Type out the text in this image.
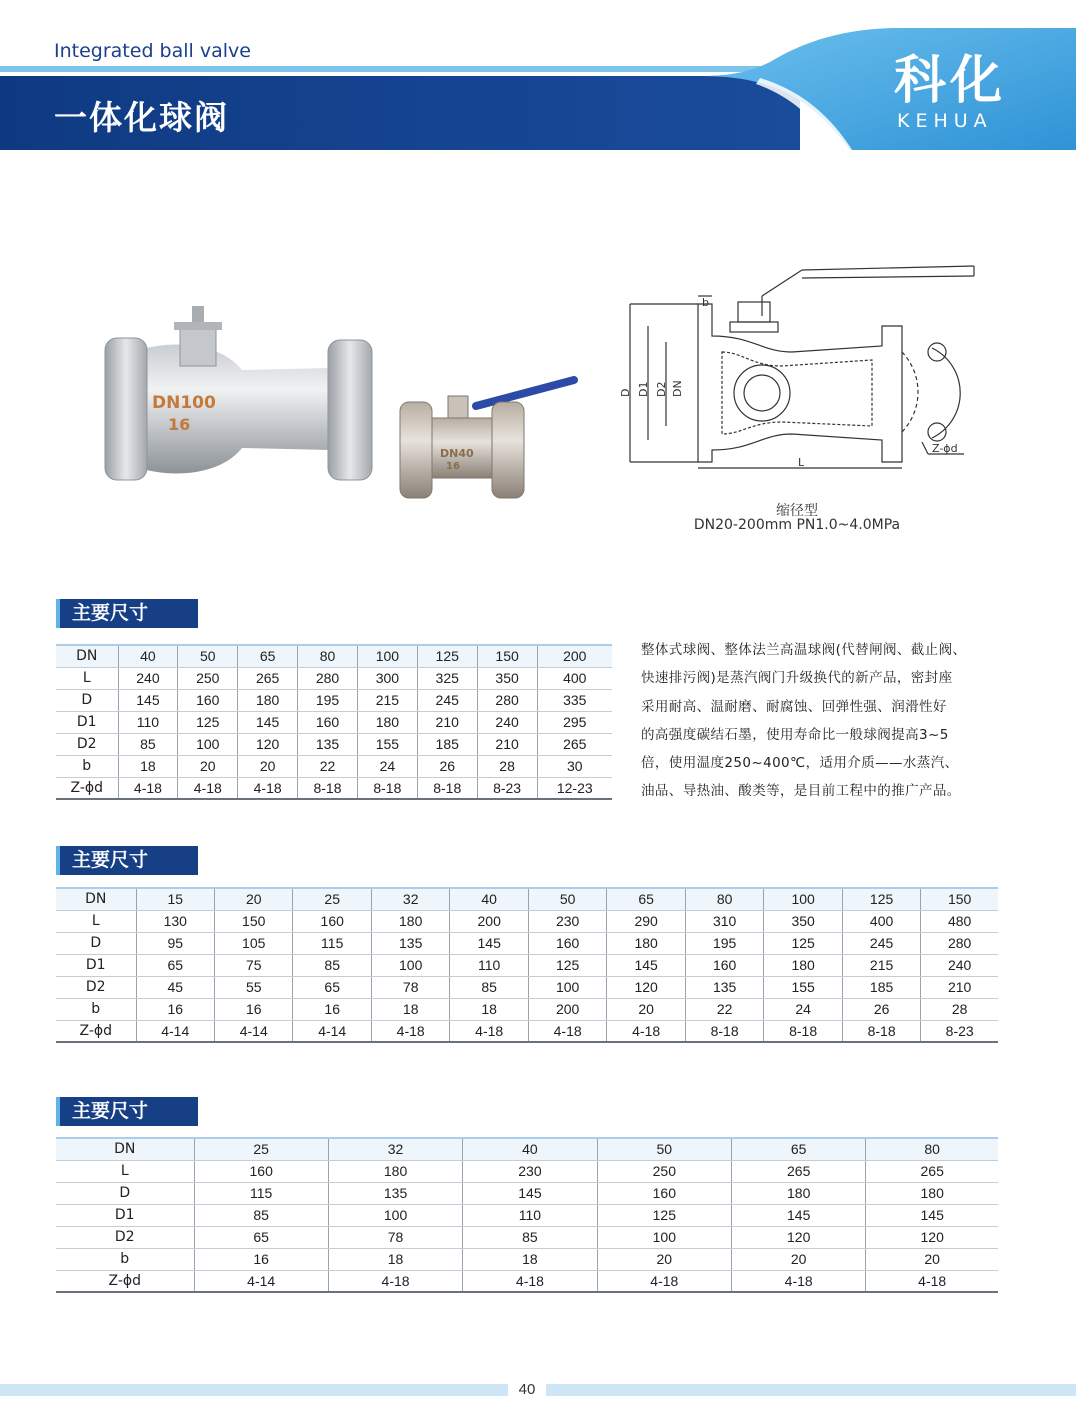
Integrated ball valve
一体化球阀
科化
KEHUA
DN100
16
DN40
16
D D1 D2 DN
b
L
Z-ϕd
缩径型
DN20-200mm PN1.0~4.0MPa
主要尺寸
DN	40	50	65	80	100	125	150	200
L	240	250	265	280	300	325	350	400
D	145	160	180	195	215	245	280	335
D1	110	125	145	160	180	210	240	295
D2	85	100	120	135	155	185	210	265
b	18	20	20	22	24	26	28	30
Z-ϕd	4-18	4-18	4-18	8-18	8-18	8-18	8-23	12-23
整体式球阀、整体法兰高温球阀(代替闸阀、截止阀、
快速排污阀)是蒸汽阀门升级换代的新产品，密封座
采用耐高、温耐磨、耐腐蚀、回弹性强、润滑性好
的高强度碳结石墨，使用寿命比一般球阀提高3~5
倍，使用温度250~400℃，适用介质——水蒸汽、
油品、导热油、酸类等，是目前工程中的推广产品。
主要尺寸
DN	15	20	25	32	40	50	65	80	100	125	150
L	130	150	160	180	200	230	290	310	350	400	480
D	95	105	115	135	145	160	180	195	125	245	280
D1	65	75	85	100	110	125	145	160	180	215	240
D2	45	55	65	78	85	100	120	135	155	185	210
b	16	16	16	18	18	200	20	22	24	26	28
Z-ϕd	4-14	4-14	4-14	4-18	4-18	4-18	4-18	8-18	8-18	8-18	8-23
主要尺寸
DN	25	32	40	50	65	80
L	160	180	230	250	265	265
D	115	135	145	160	180	180
D1	85	100	110	125	145	145
D2	65	78	85	100	120	120
b	16	18	18	20	20	20
Z-ϕd	4-14	4-18	4-18	4-18	4-18	4-18
40
